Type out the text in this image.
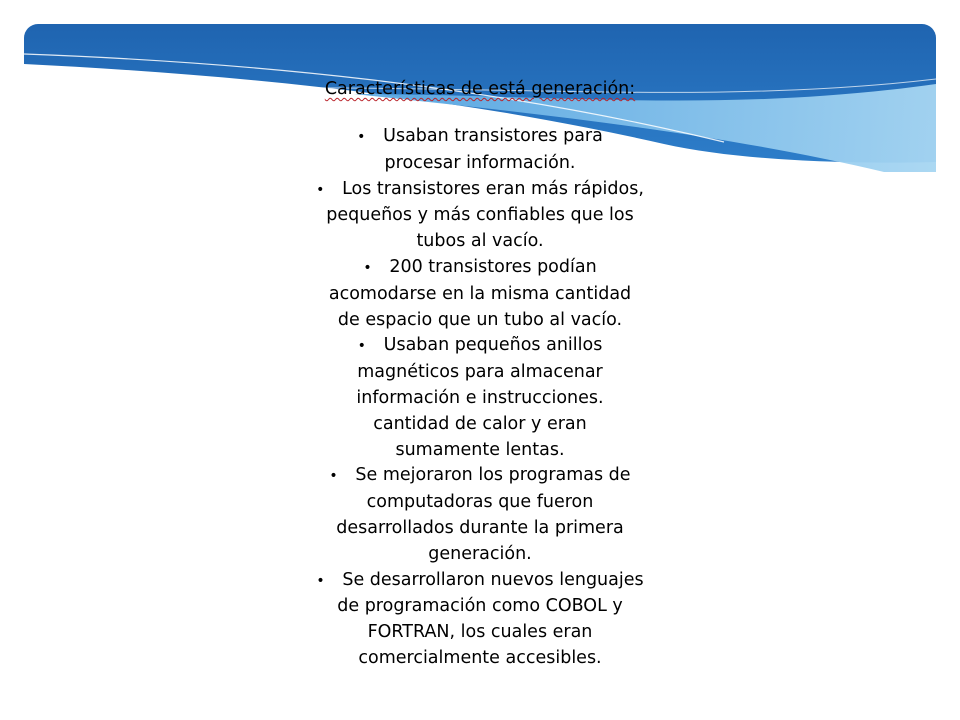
Características de está generación:
• Usaban transistores para
procesar información.
• Los transistores eran más rápidos,
pequeños y más confiables que los
tubos al vacío.
• 200 transistores podían
acomodarse en la misma cantidad
de espacio que un tubo al vacío.
• Usaban pequeños anillos
magnéticos para almacenar
información e instrucciones.
cantidad de calor y eran
sumamente lentas.
• Se mejoraron los programas de
computadoras que fueron
desarrollados durante la primera
generación.
• Se desarrollaron nuevos lenguajes
de programación como COBOL y
FORTRAN, los cuales eran
comercialmente accesibles.
